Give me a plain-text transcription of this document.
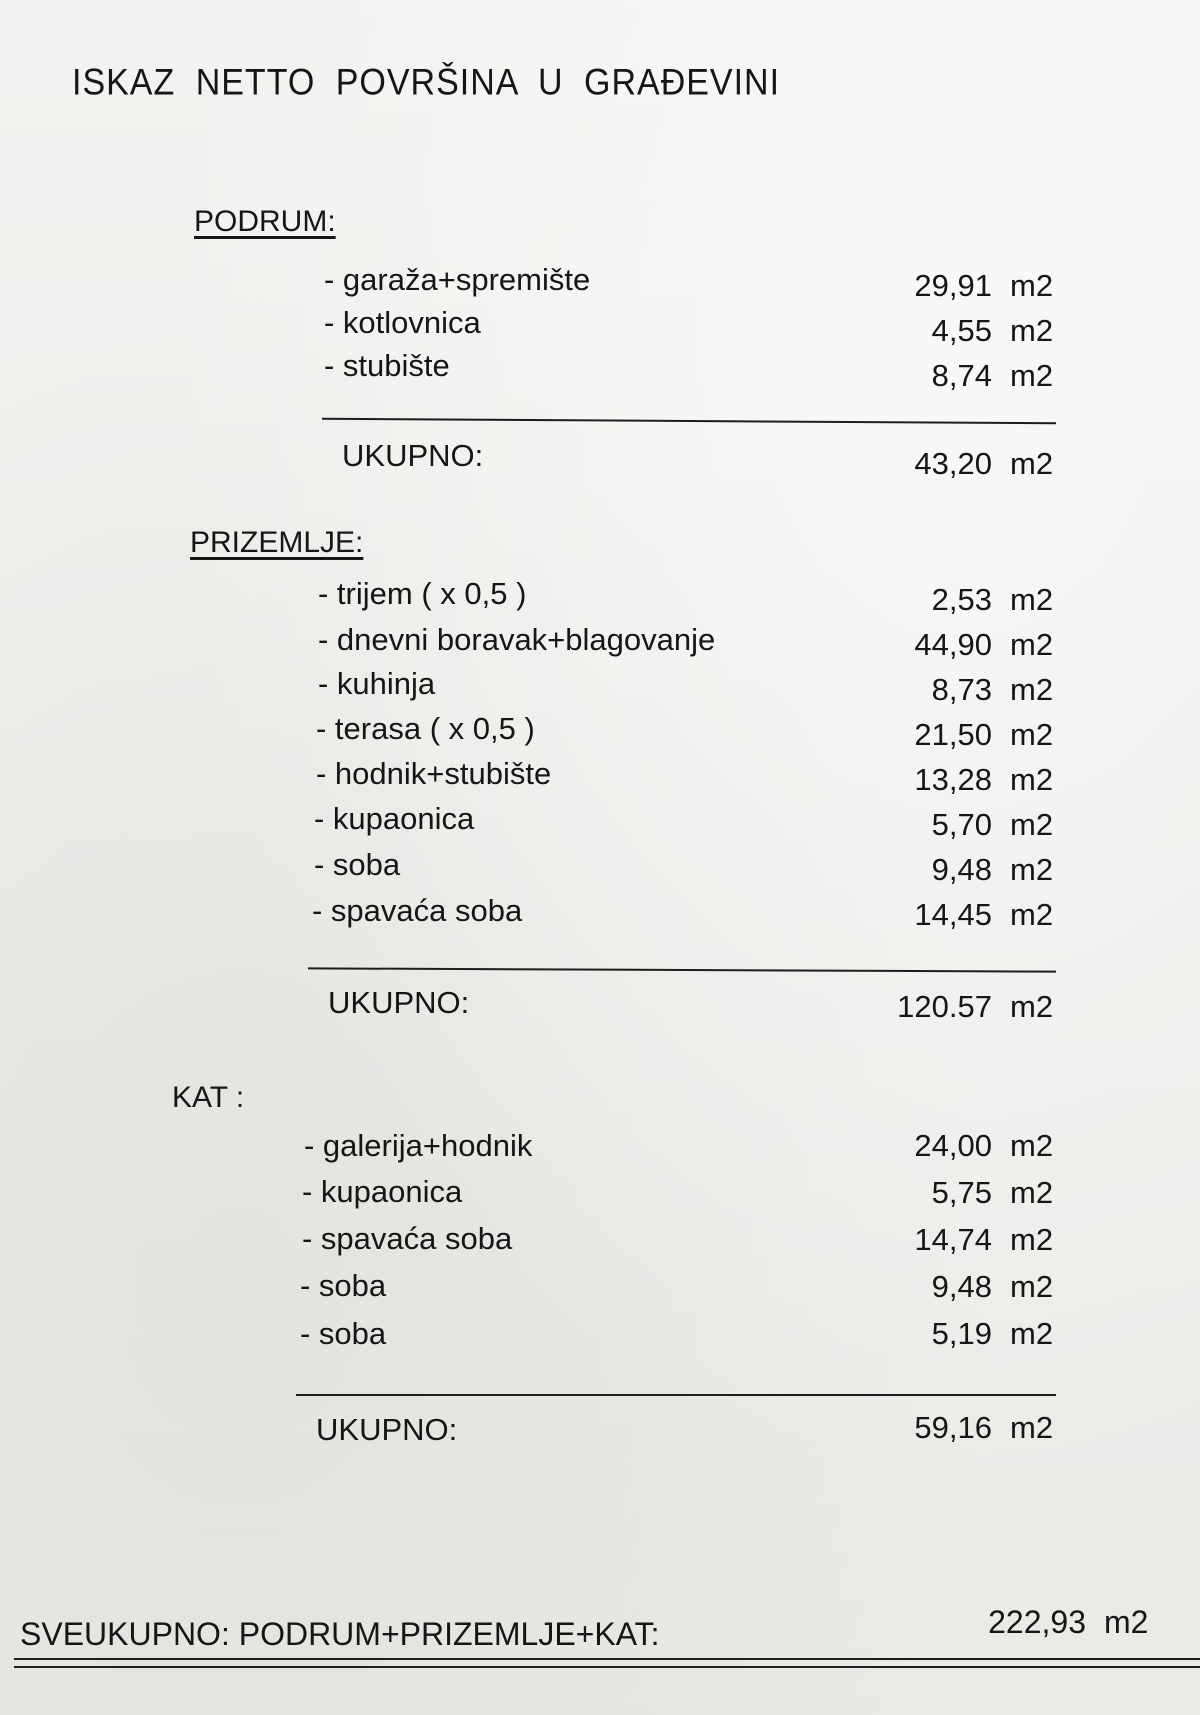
ISKAZ NETTO POVRŠINA U GRAĐEVINI
PODRUM:
- garaža+spremište	29,91 m2
- kotlovnica	4,55 m2
- stubište	8,74 m2
UKUPNO:	43,20 m2
PRIZEMLJE:
- trijem ( x 0,5 )	2,53 m2
- dnevni boravak+blagovanje	44,90 m2
- kuhinja	8,73 m2
- terasa ( x 0,5 )	21,50 m2
- hodnik+stubište	13,28 m2
- kupaonica	5,70 m2
- soba	9,48 m2
- spavaća soba	14,45 m2
UKUPNO:	120.57 m2
KAT :
- galerija+hodnik	24,00 m2
- kupaonica	5,75 m2
- spavaća soba	14,74 m2
- soba	9,48 m2
- soba	5,19 m2
UKUPNO:	59,16 m2
SVEUKUPNO: PODRUM+PRIZEMLJE+KAT:	222,93 m2
